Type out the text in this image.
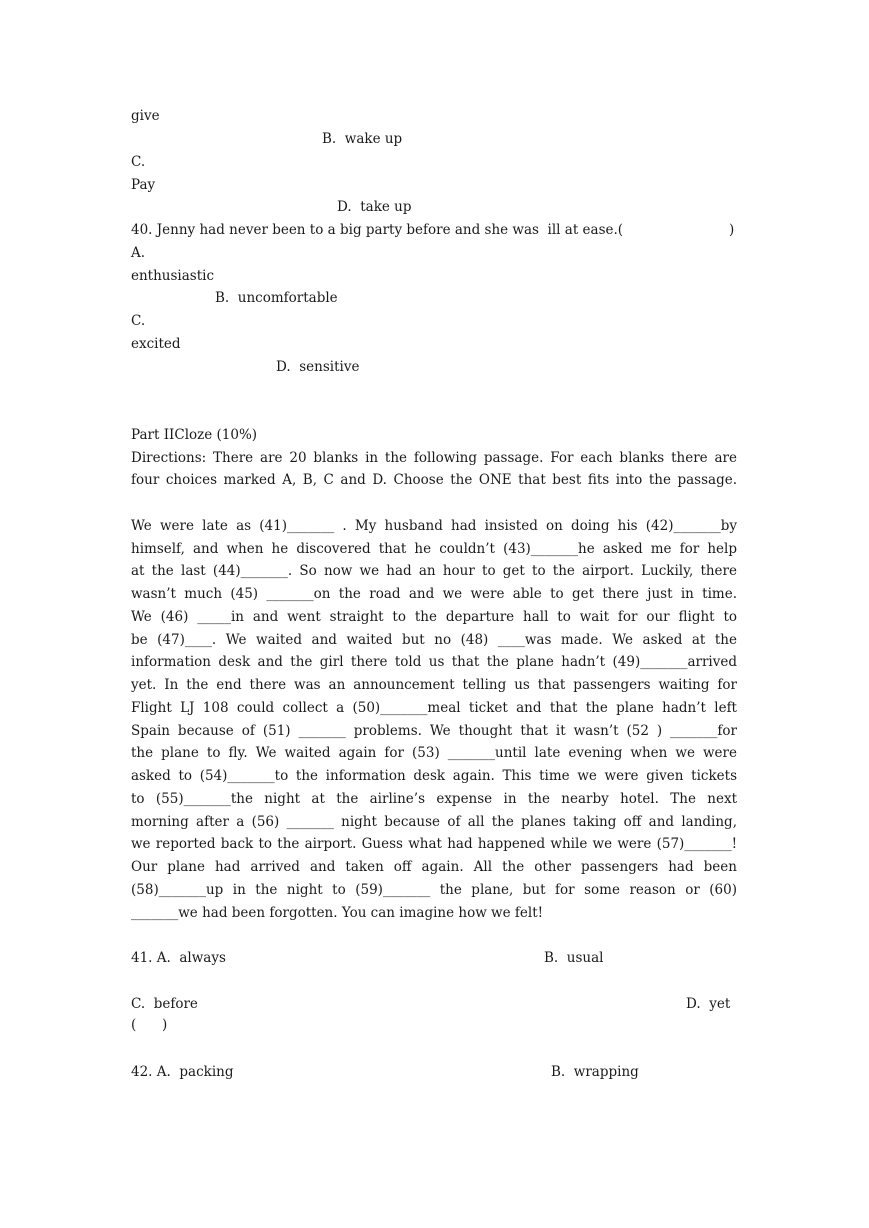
give
B.  wake up
C.
Pay
D.  take up
40. Jenny had never been to a big party before and she was  ill at ease.(	)
A.
enthusiastic
B.  uncomfortable
C.
excited
D.  sensitive
Part IICloze (10%)
Directions: There are 20 blanks in the following passage. For each blanks there are
four choices marked A, B, C and D. Choose the ONE that best fits into the passage.
We were late as (41)_______ . My husband had insisted on doing his (42)_______by
himself, and when he discovered that he couldn’t (43)_______he asked me for help
at the last (44)_______. So now we had an hour to get to the airport. Luckily, there
wasn’t much (45) _______on the road and we were able to get there just in time.
We (46) _____in and went straight to the departure hall to wait for our flight to
be (47)____. We waited and waited but no (48) ____was made. We asked at the
information desk and the girl there told us that the plane hadn’t (49)_______arrived
yet. In the end there was an announcement telling us that passengers waiting for
Flight LJ 108 could collect a (50)_______meal ticket and that the plane hadn’t left
Spain because of (51) _______ problems. We thought that it wasn’t (52 ) _______for
the plane to fly. We waited again for (53) _______until late evening when we were
asked to (54)_______to the information desk again. This time we were given tickets
to (55)_______the night at the airline’s expense in the nearby hotel. The next
morning after a (56) _______ night because of all the planes taking off and landing,
we reported back to the airport. Guess what had happened while we were (57)_______!
Our plane had arrived and taken off again. All the other passengers had been
(58)_______up in the night to (59)_______ the plane, but for some reason or (60)
_______we had been forgotten. You can imagine how we felt!
41. A.  always	B.  usual
C.  before	D.  yet
(      )
42. A.  packing	B.  wrapping
